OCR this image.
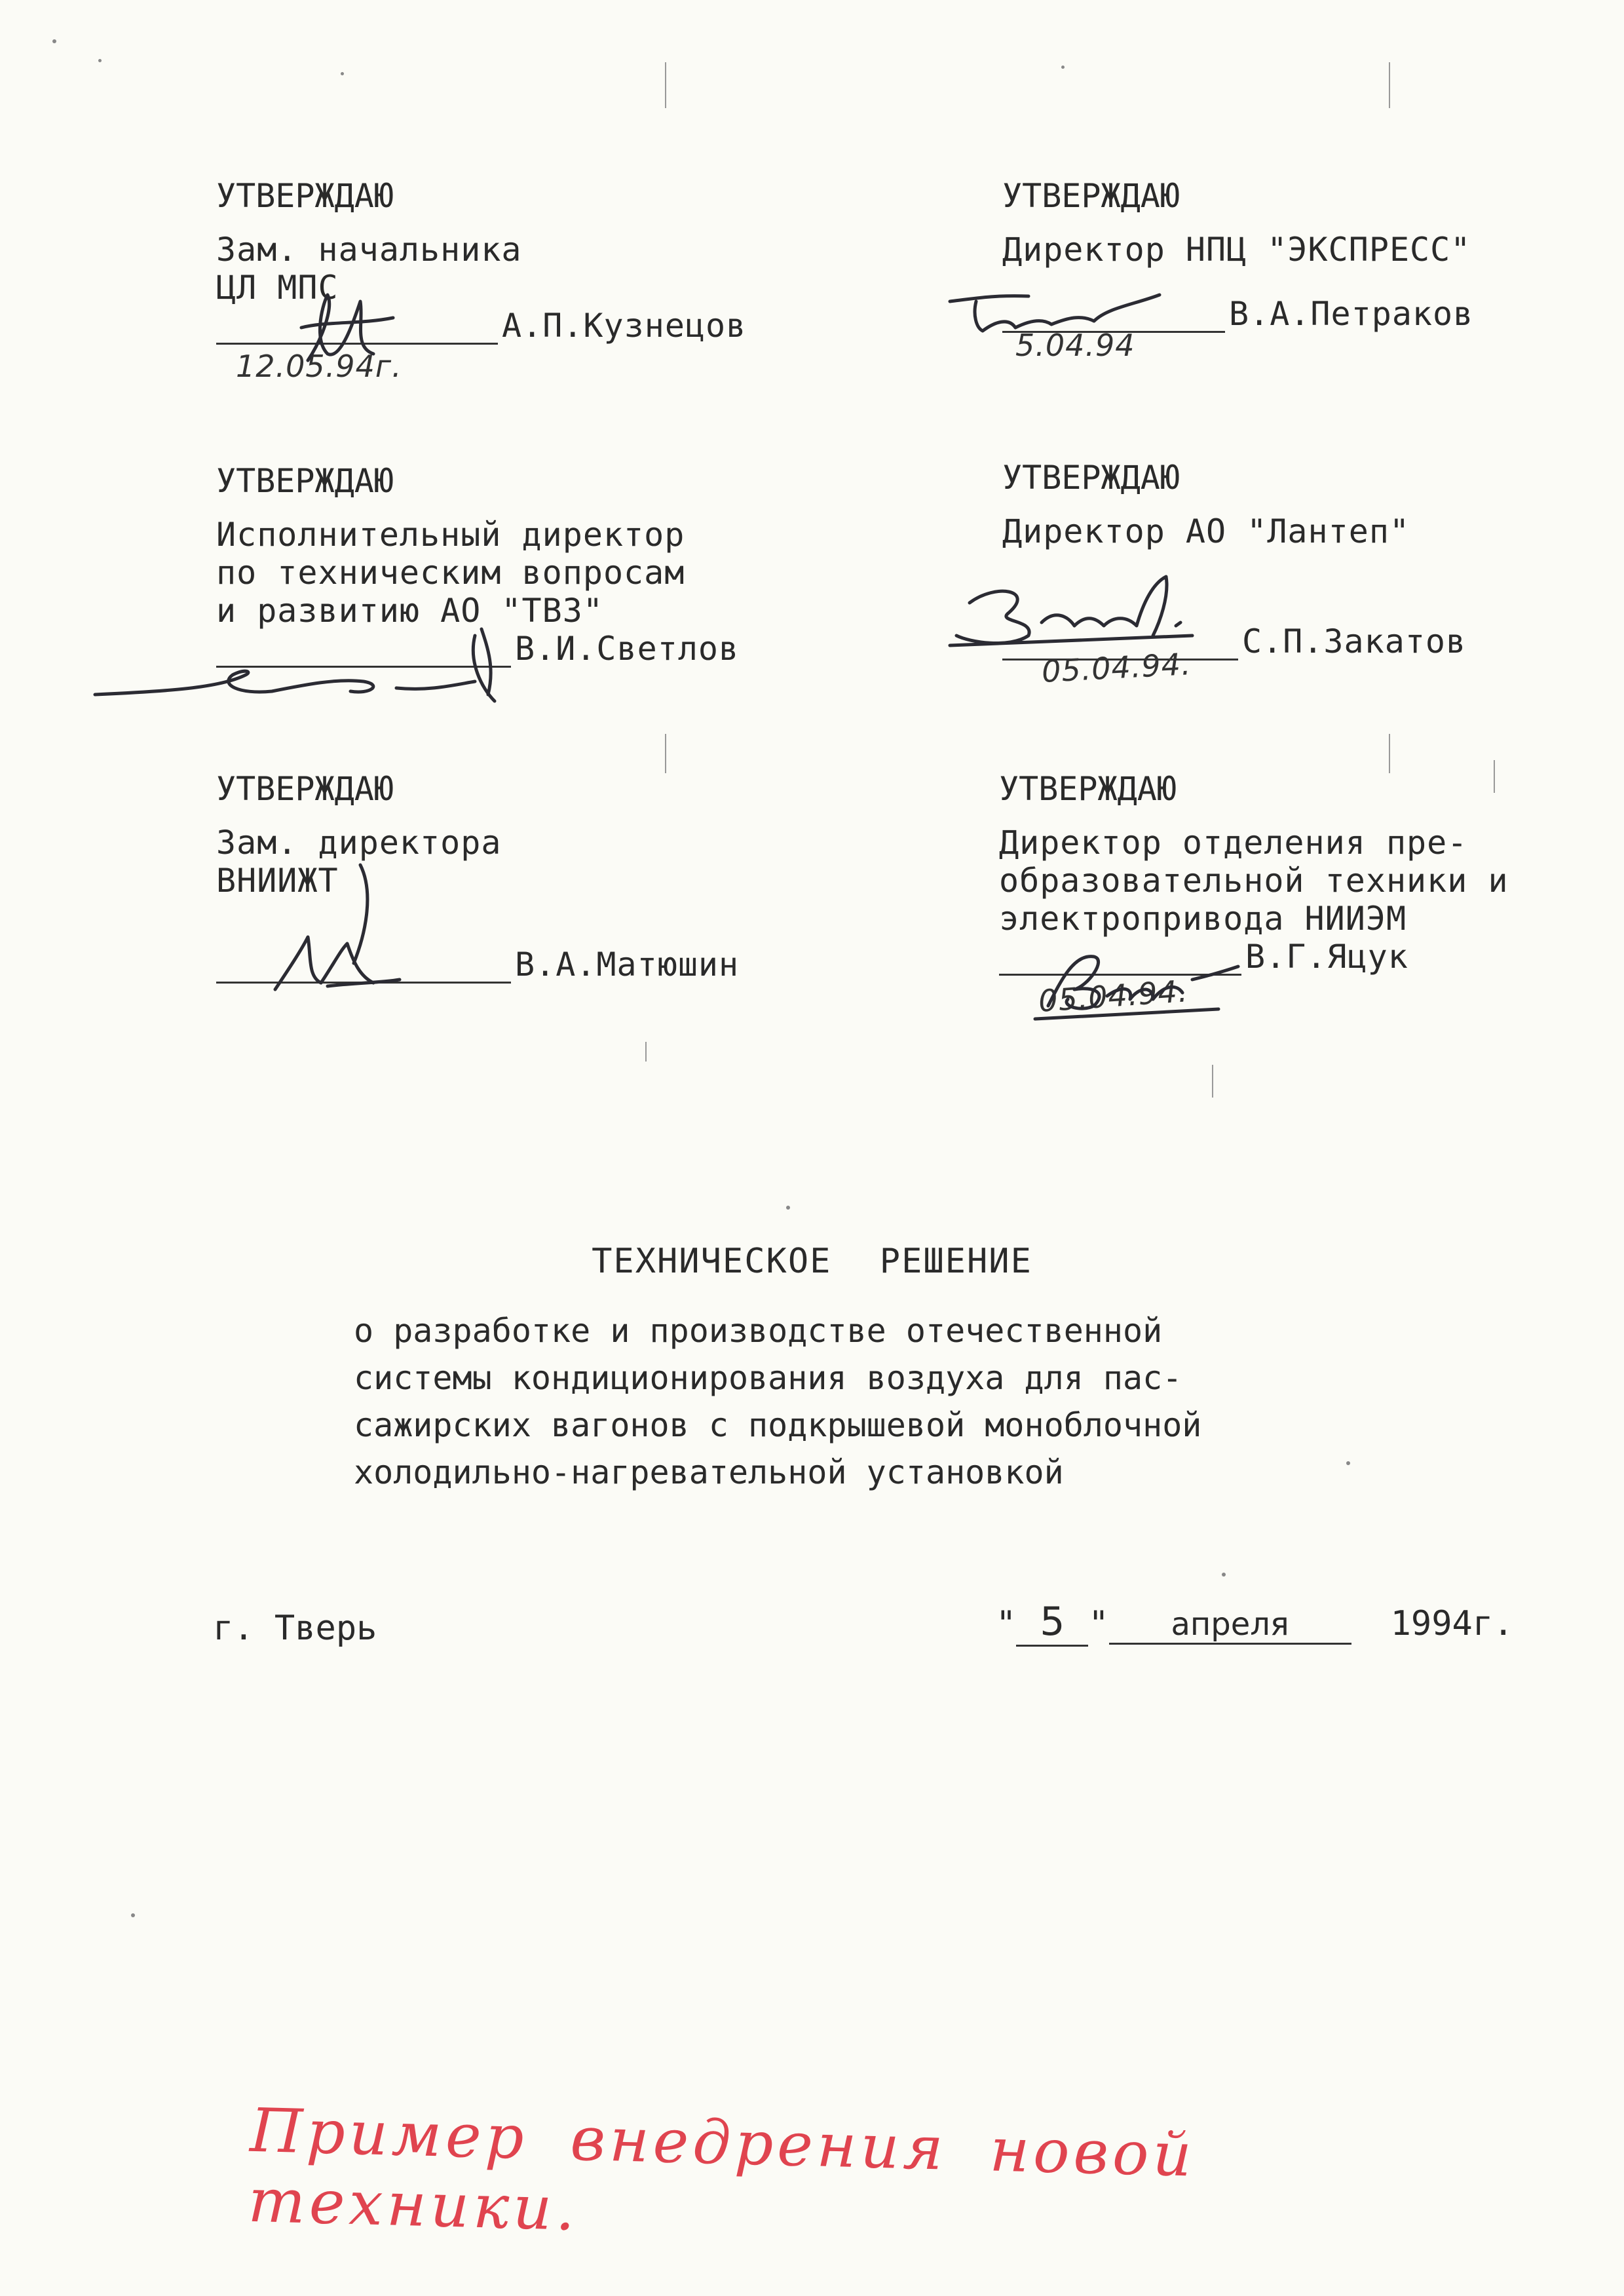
УТВЕРЖДАЮ
Зам. начальника
ЦЛ МПС
А.П.Кузнецов
12.05.94г.
УТВЕРЖДАЮ
Директор НПЦ "ЭКСПРЕСС"
В.А.Петраков
5.04.94
УТВЕРЖДАЮ
Исполнительный директор
по техническим вопросам
и развитию АО "ТВЗ"
В.И.Светлов
УТВЕРЖДАЮ
Директор АО "Лантеп"
С.П.Закатов
05.04.94.
УТВЕРЖДАЮ
Зам. директора
ВНИИЖТ
В.А.Матюшин
УТВЕРЖДАЮ
Директор отделения пре-
образовательной техники и
электропривода НИИЭМ
В.Г.Яцук
05.04.94.
ТЕХНИЧЕСКОЕ РЕШЕНИЕ
о разработке и производстве отечественной
системы кондиционирования воздуха для пас-
сажирских вагонов с подкрышевой моноблочной
холодильно-нагревательной установкой
г. Тверь	" 5 " апреля	1994г.
Пример внедрения новой техники.
